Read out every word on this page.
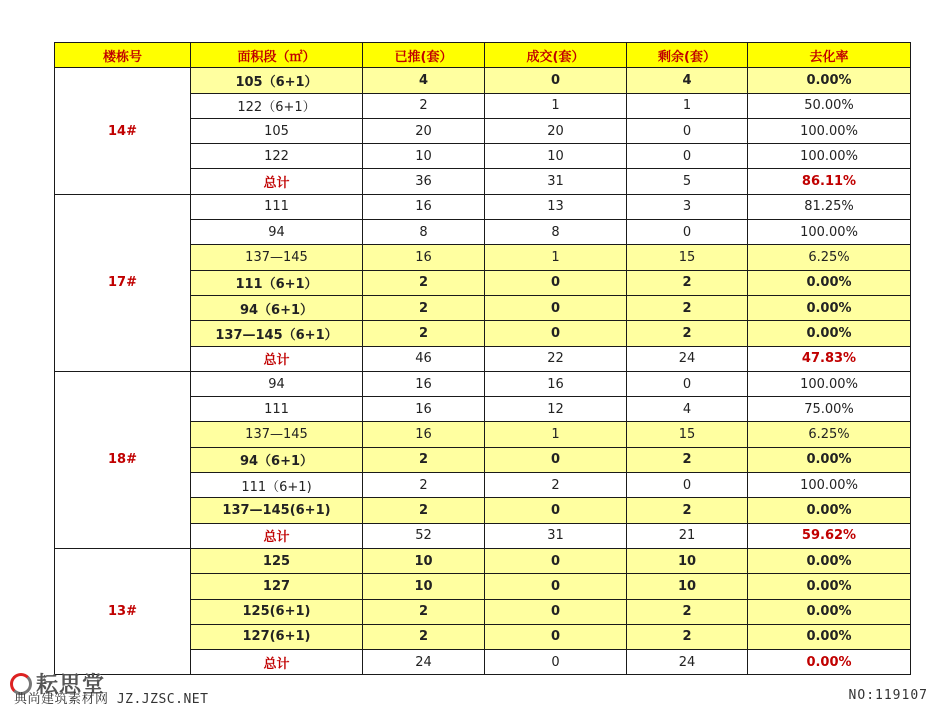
楼栋号	面积段（㎡）	已推(套）	成交(套）	剩余(套）	去化率
14#	105（6+1）	4	0	4	0.00%
	122（6+1）	2	1	1	50.00%
	105	20	20	0	100.00%
	122	10	10	0	100.00%
	总计	36	31	5	86.11%
17#	111	16	13	3	81.25%
	94	8	8	0	100.00%
	137—145	16	1	15	6.25%
	111（6+1）	2	0	2	0.00%
	94（6+1）	2	0	2	0.00%
	137—145（6+1）	2	0	2	0.00%
	总计	46	22	24	47.83%
18#	94	16	16	0	100.00%
	111	16	12	4	75.00%
	137—145	16	1	15	6.25%
	94（6+1）	2	0	2	0.00%
	111（6+1)	2	2	0	100.00%
	137—145(6+1)	2	0	2	0.00%
	总计	52	31	21	59.62%
13#	125	10	0	10	0.00%
	127	10	0	10	0.00%
	125(6+1)	2	0	2	0.00%
	127(6+1)	2	0	2	0.00%
	总计	24	0	24	0.00%
耘思堂
典尚建筑素材网 JZ.JZSC.NET	NO:119107
